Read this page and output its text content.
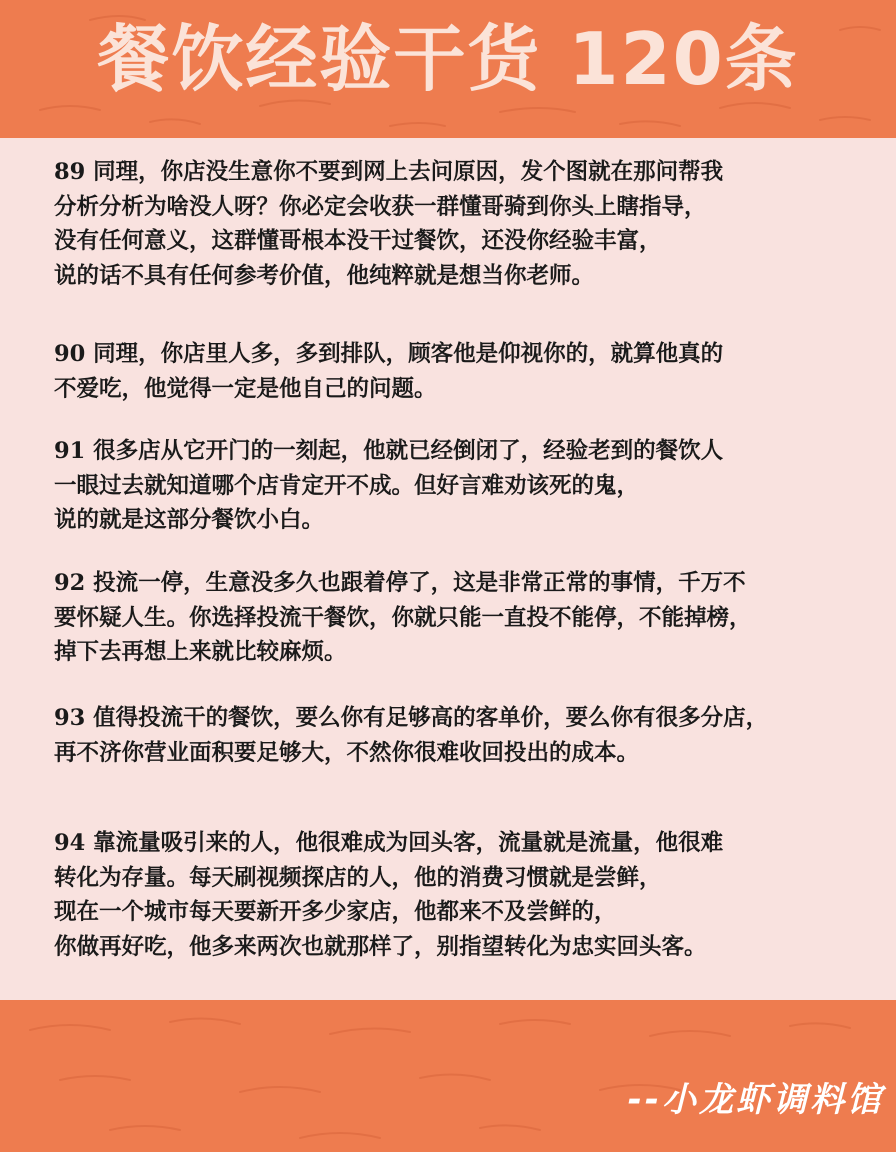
餐饮经验干货 120条
89 同理，你店没生意你不要到网上去问原因，发个图就在那问帮我
分析分析为啥没人呀？你必定会收获一群懂哥骑到你头上瞎指导，
没有任何意义，这群懂哥根本没干过餐饮，还没你经验丰富，
说的话不具有任何参考价值，他纯粹就是想当你老师。
90 同理，你店里人多，多到排队，顾客他是仰视你的，就算他真的
不爱吃，他觉得一定是他自己的问题。
91 很多店从它开门的一刻起，他就已经倒闭了，经验老到的餐饮人
一眼过去就知道哪个店肯定开不成。但好言难劝该死的鬼，
说的就是这部分餐饮小白。
92 投流一停，生意没多久也跟着停了，这是非常正常的事情，千万不
要怀疑人生。你选择投流干餐饮，你就只能一直投不能停，不能掉榜，
掉下去再想上来就比较麻烦。
93 值得投流干的餐饮，要么你有足够高的客单价，要么你有很多分店，
再不济你营业面积要足够大，不然你很难收回投出的成本。
94 靠流量吸引来的人，他很难成为回头客，流量就是流量，他很难
转化为存量。每天刷视频探店的人，他的消费习惯就是尝鲜，
现在一个城市每天要新开多少家店，他都来不及尝鲜的，
你做再好吃，他多来两次也就那样了，别指望转化为忠实回头客。
--小龙虾调料馆
